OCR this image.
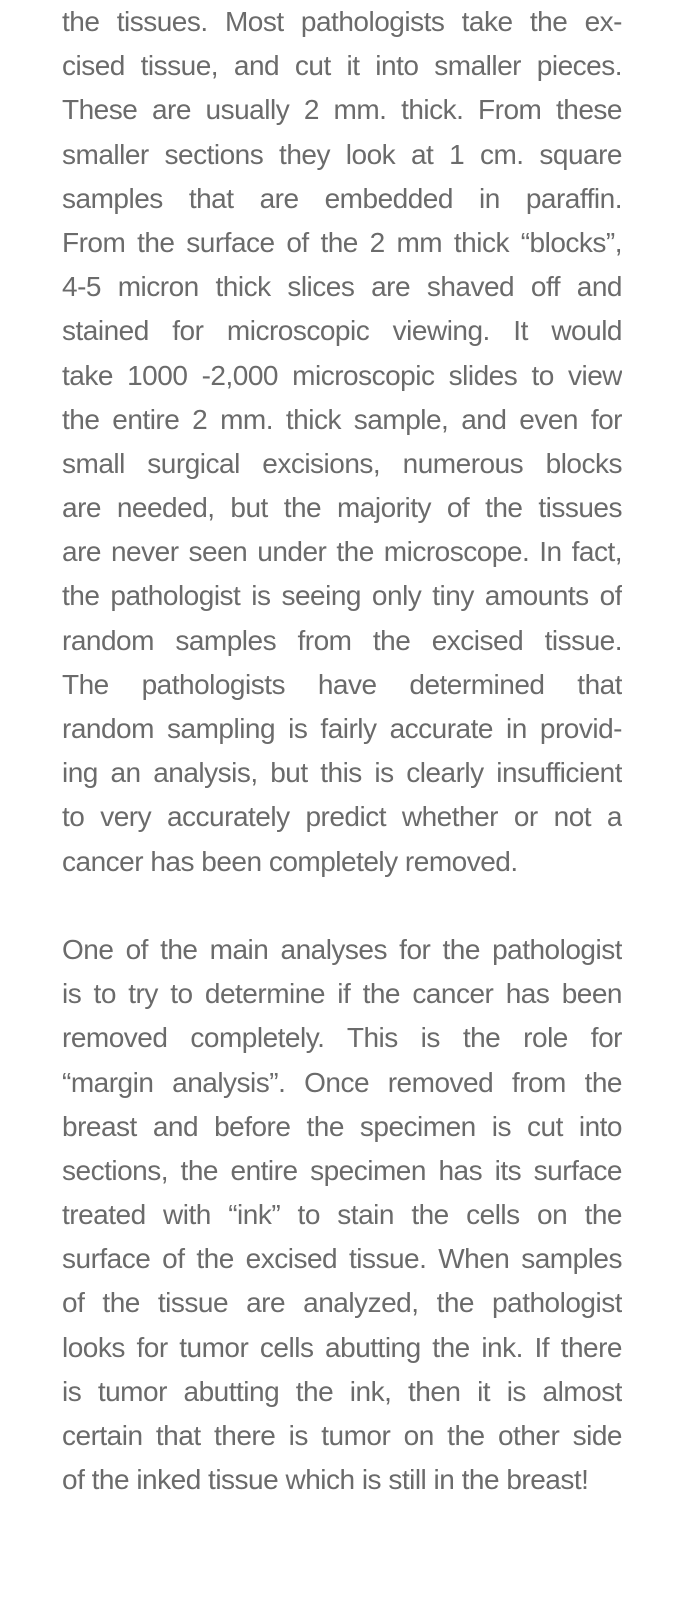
the tissues. Most pathologists take the ex-
cised tissue, and cut it into smaller pieces.
These are usually 2 mm. thick. From these
smaller sections they look at 1 cm. square
samples that are embedded in paraffin.
From the surface of the 2 mm thick “blocks”,
4-5 micron thick slices are shaved off and
stained for microscopic viewing. It would
take 1000 -2,000 microscopic slides to view
the entire 2 mm. thick sample, and even for
small surgical excisions, numerous blocks
are needed, but the majority of the tissues
are never seen under the microscope. In fact,
the pathologist is seeing only tiny amounts of
random samples from the excised tissue.
The pathologists have determined that
random sampling is fairly accurate in provid-
ing an analysis, but this is clearly insufficient
to very accurately predict whether or not a
cancer has been completely removed.
One of the main analyses for the pathologist
is to try to determine if the cancer has been
removed completely. This is the role for
“margin analysis”. Once removed from the
breast and before the specimen is cut into
sections, the entire specimen has its surface
treated with “ink” to stain the cells on the
surface of the excised tissue. When samples
of the tissue are analyzed, the pathologist
looks for tumor cells abutting the ink. If there
is tumor abutting the ink, then it is almost
certain that there is tumor on the other side
of the inked tissue which is still in the breast!
